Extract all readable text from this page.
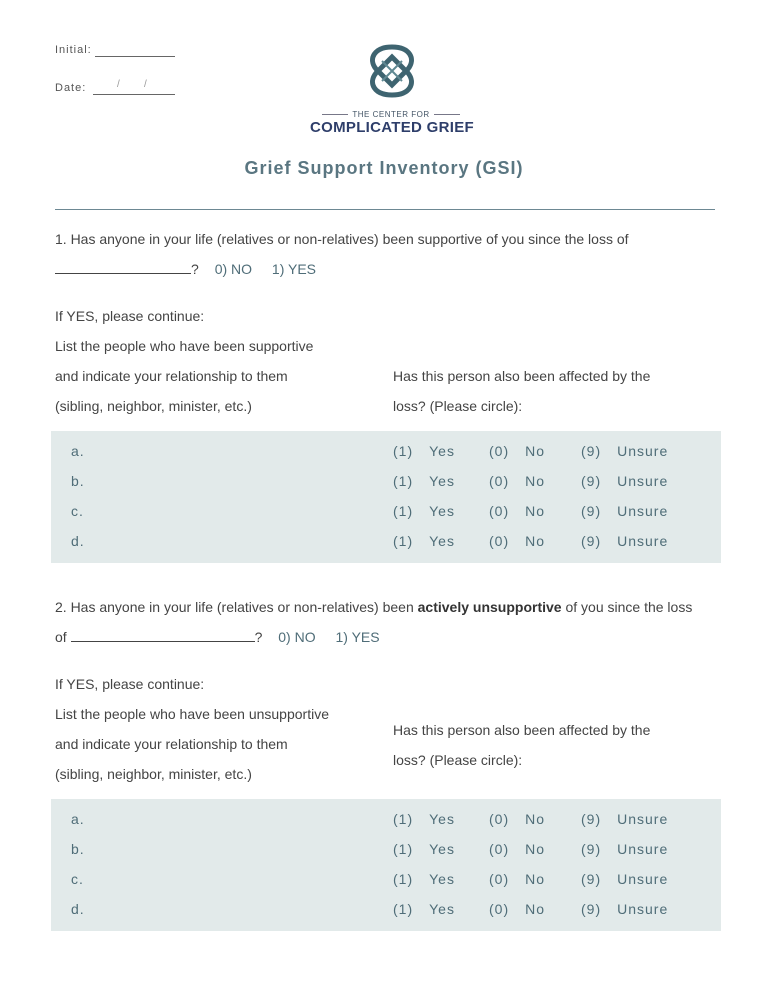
Initial:
Date:	/ /
THE CENTER FOR
COMPLICATED GRIEF
Grief Support Inventory (GSI)
1. Has anyone in your life (relatives or non-relatives) been supportive of you since the loss of
? 0) NO 1) YES
If YES, please continue:
List the people who have been supportive
and indicate your relationship to them
(sibling, neighbor, minister, etc.)
Has this person also been affected by the
loss? (Please circle):
a.	(1) Yes (0) No	(9) Unsure
b.	(1) Yes (0) No	(9) Unsure
c.	(1) Yes (0) No	(9) Unsure
d.	(1) Yes (0) No	(9) Unsure
2. Has anyone in your life (relatives or non-relatives) been actively unsupportive of you since the loss
of	? 0) NO 1) YES
If YES, please continue:
List the people who have been unsupportive
and indicate your relationship to them
(sibling, neighbor, minister, etc.)
Has this person also been affected by the
loss? (Please circle):
a.	(1) Yes (0) No	(9) Unsure
b.	(1) Yes (0) No	(9) Unsure
c.	(1) Yes (0) No	(9) Unsure
d.	(1) Yes (0) No	(9) Unsure
